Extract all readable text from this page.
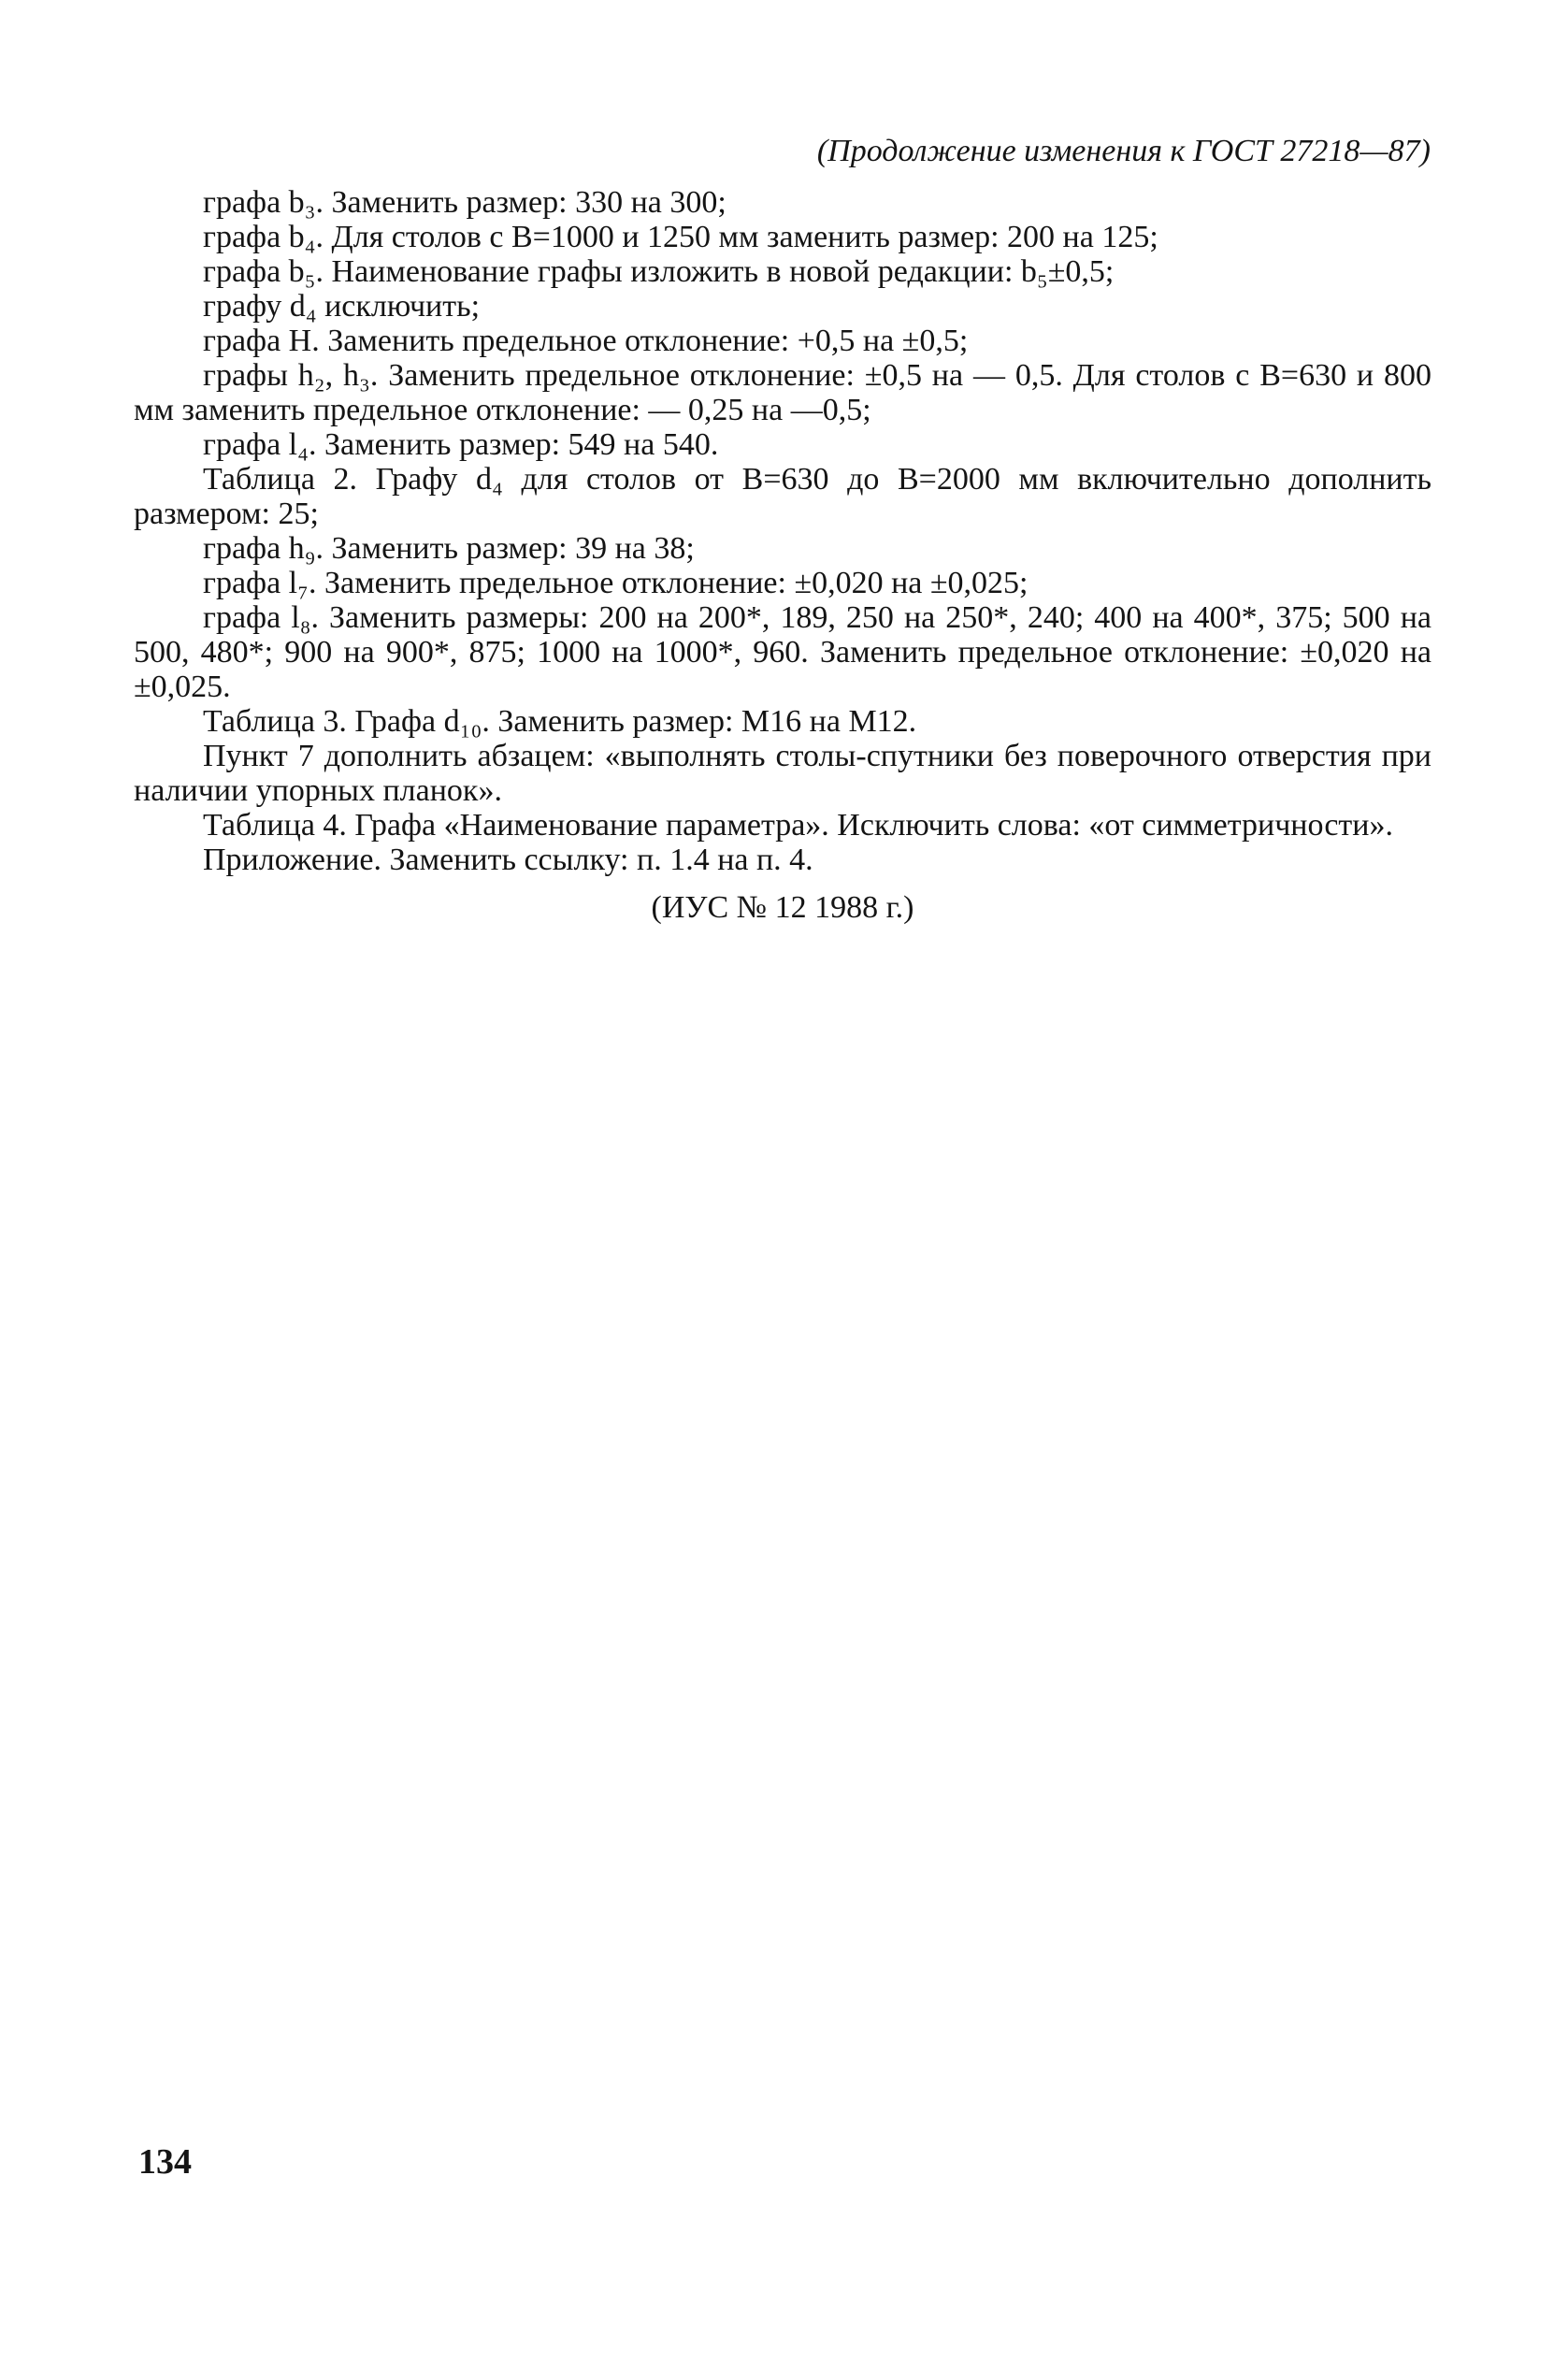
(Продолжение изменения к ГОСТ 27218—87)

графа b₃. Заменить размер: 330 на 300;

графа b₄. Для столов с B=1000 и 1250 мм заменить размер: 200 на 125;

графа b₅. Наименование графы изложить в новой редакции: b₅±0,5;

графу d₄ исключить;

графа H. Заменить предельное отклонение: +0,5 на ±0,5;

графы h₂, h₃. Заменить предельное отклонение: ±0,5 на — 0,5. Для столов с B=630 и 800 мм заменить предельное отклонение: — 0,25 на —0,5;

графа l₄. Заменить размер: 549 на 540.

Таблица 2. Графу d₄ для столов от B=630 до B=2000 мм включительно дополнить размером: 25;

графа h₉. Заменить размер: 39 на 38;

графа l₇. Заменить предельное отклонение: ±0,020 на ±0,025;

графа l₈. Заменить размеры: 200 на 200*, 189, 250 на 250*, 240; 400 на 400*, 375; 500 на 500, 480*; 900 на 900*, 875; 1000 на 1000*, 960. Заменить предельное отклонение: ±0,020 на ±0,025.

Таблица 3. Графа d₁₀. Заменить размер: M16 на M12.

Пункт 7 дополнить абзацем: «выполнять столы-спутники без поверочного отверстия при наличии упорных планок».

Таблица 4. Графа «Наименование параметра». Исключить слова: «от симметричности».

Приложение. Заменить ссылку: п. 1.4 на п. 4.

(ИУС № 12 1988 г.)

134
